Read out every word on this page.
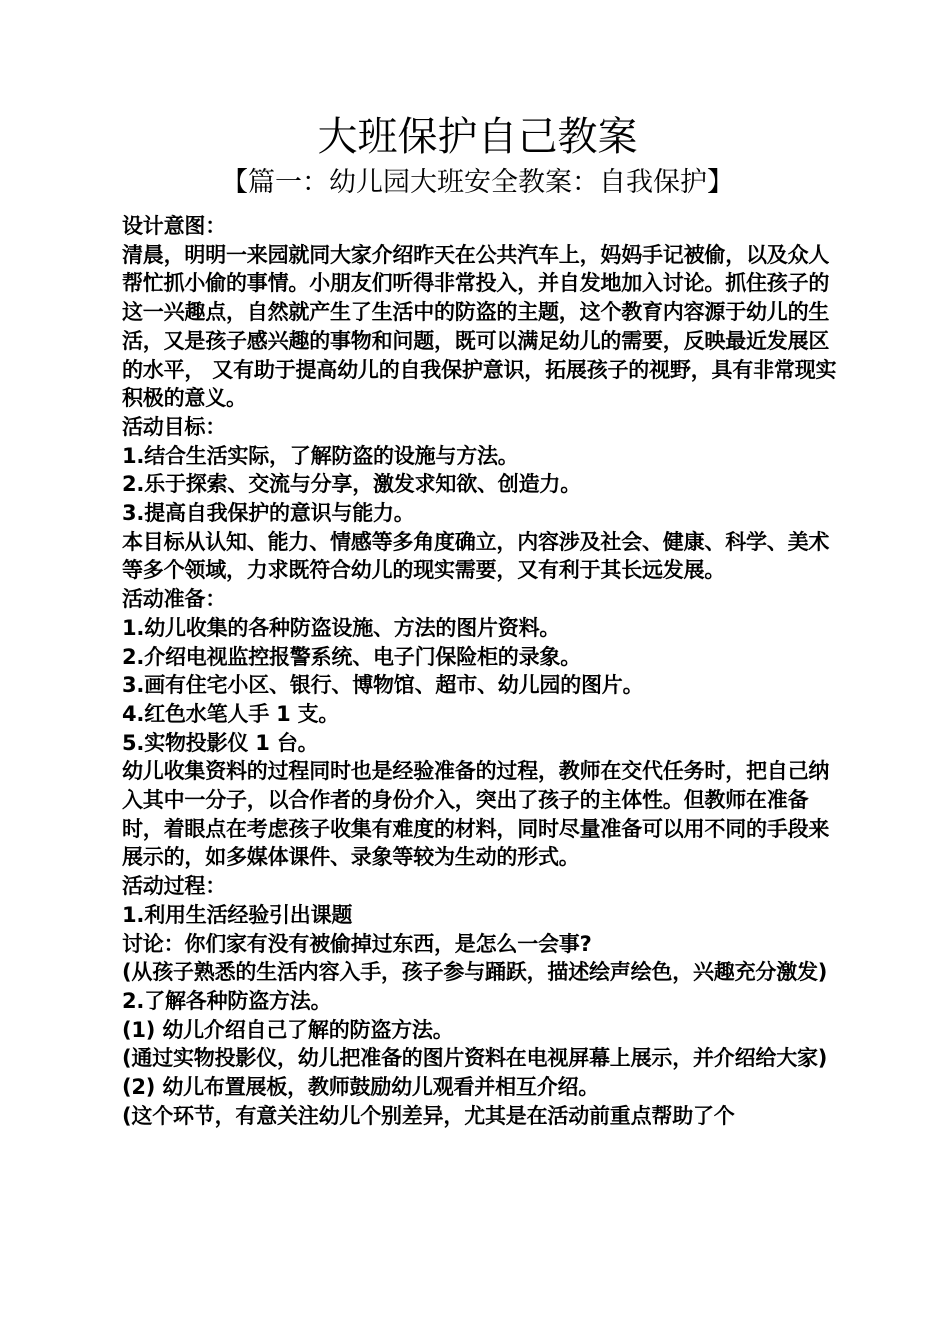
大班保护自己教案
【篇一：幼儿园大班安全教案：自我保护】

设计意图：

清晨，明明一来园就同大家介绍昨天在公共汽车上，妈妈手记被偷，以及众人帮忙抓小偷的事情。小朋友们听得非常投入，并自发地加入讨论。抓住孩子的这一兴趣点，自然就产生了生活中的防盗的主题，这个教育内容源于幼儿的生活，又是孩子感兴趣的事物和问题，既可以满足幼儿的需要，反映最近发展区的水平， 又有助于提高幼儿的自我保护意识，拓展孩子的视野，具有非常现实积极的意义。

活动目标：

1.结合生活实际，了解防盗的设施与方法。

2.乐于探索、交流与分享，激发求知欲、创造力。

3.提高自我保护的意识与能力。

本目标从认知、能力、情感等多角度确立，内容涉及社会、健康、科学、美术等多个领域，力求既符合幼儿的现实需要，又有利于其长远发展。

活动准备：

1.幼儿收集的各种防盗设施、方法的图片资料。

2.介绍电视监控报警系统、电子门保险柜的录象。

3.画有住宅小区、银行、博物馆、超市、幼儿园的图片。

4.红色水笔人手 1 支。

5.实物投影仪 1 台。

幼儿收集资料的过程同时也是经验准备的过程，教师在交代任务时，把自己纳入其中一分子，以合作者的身份介入，突出了孩子的主体性。但教师在准备时，着眼点在考虑孩子收集有难度的材料，同时尽量准备可以用不同的手段来展示的，如多媒体课件、录象等较为生动的形式。

活动过程：

1.利用生活经验引出课题

讨论：你们家有没有被偷掉过东西，是怎么一会事?

(从孩子熟悉的生活内容入手，孩子参与踊跃，描述绘声绘色，兴趣充分激发)

2.了解各种防盗方法。

(1) 幼儿介绍自己了解的防盗方法。

(通过实物投影仪，幼儿把准备的图片资料在电视屏幕上展示，并介绍给大家)

(2) 幼儿布置展板，教师鼓励幼儿观看并相互介绍。

(这个环节，有意关注幼儿个别差异，尤其是在活动前重点帮助了个
